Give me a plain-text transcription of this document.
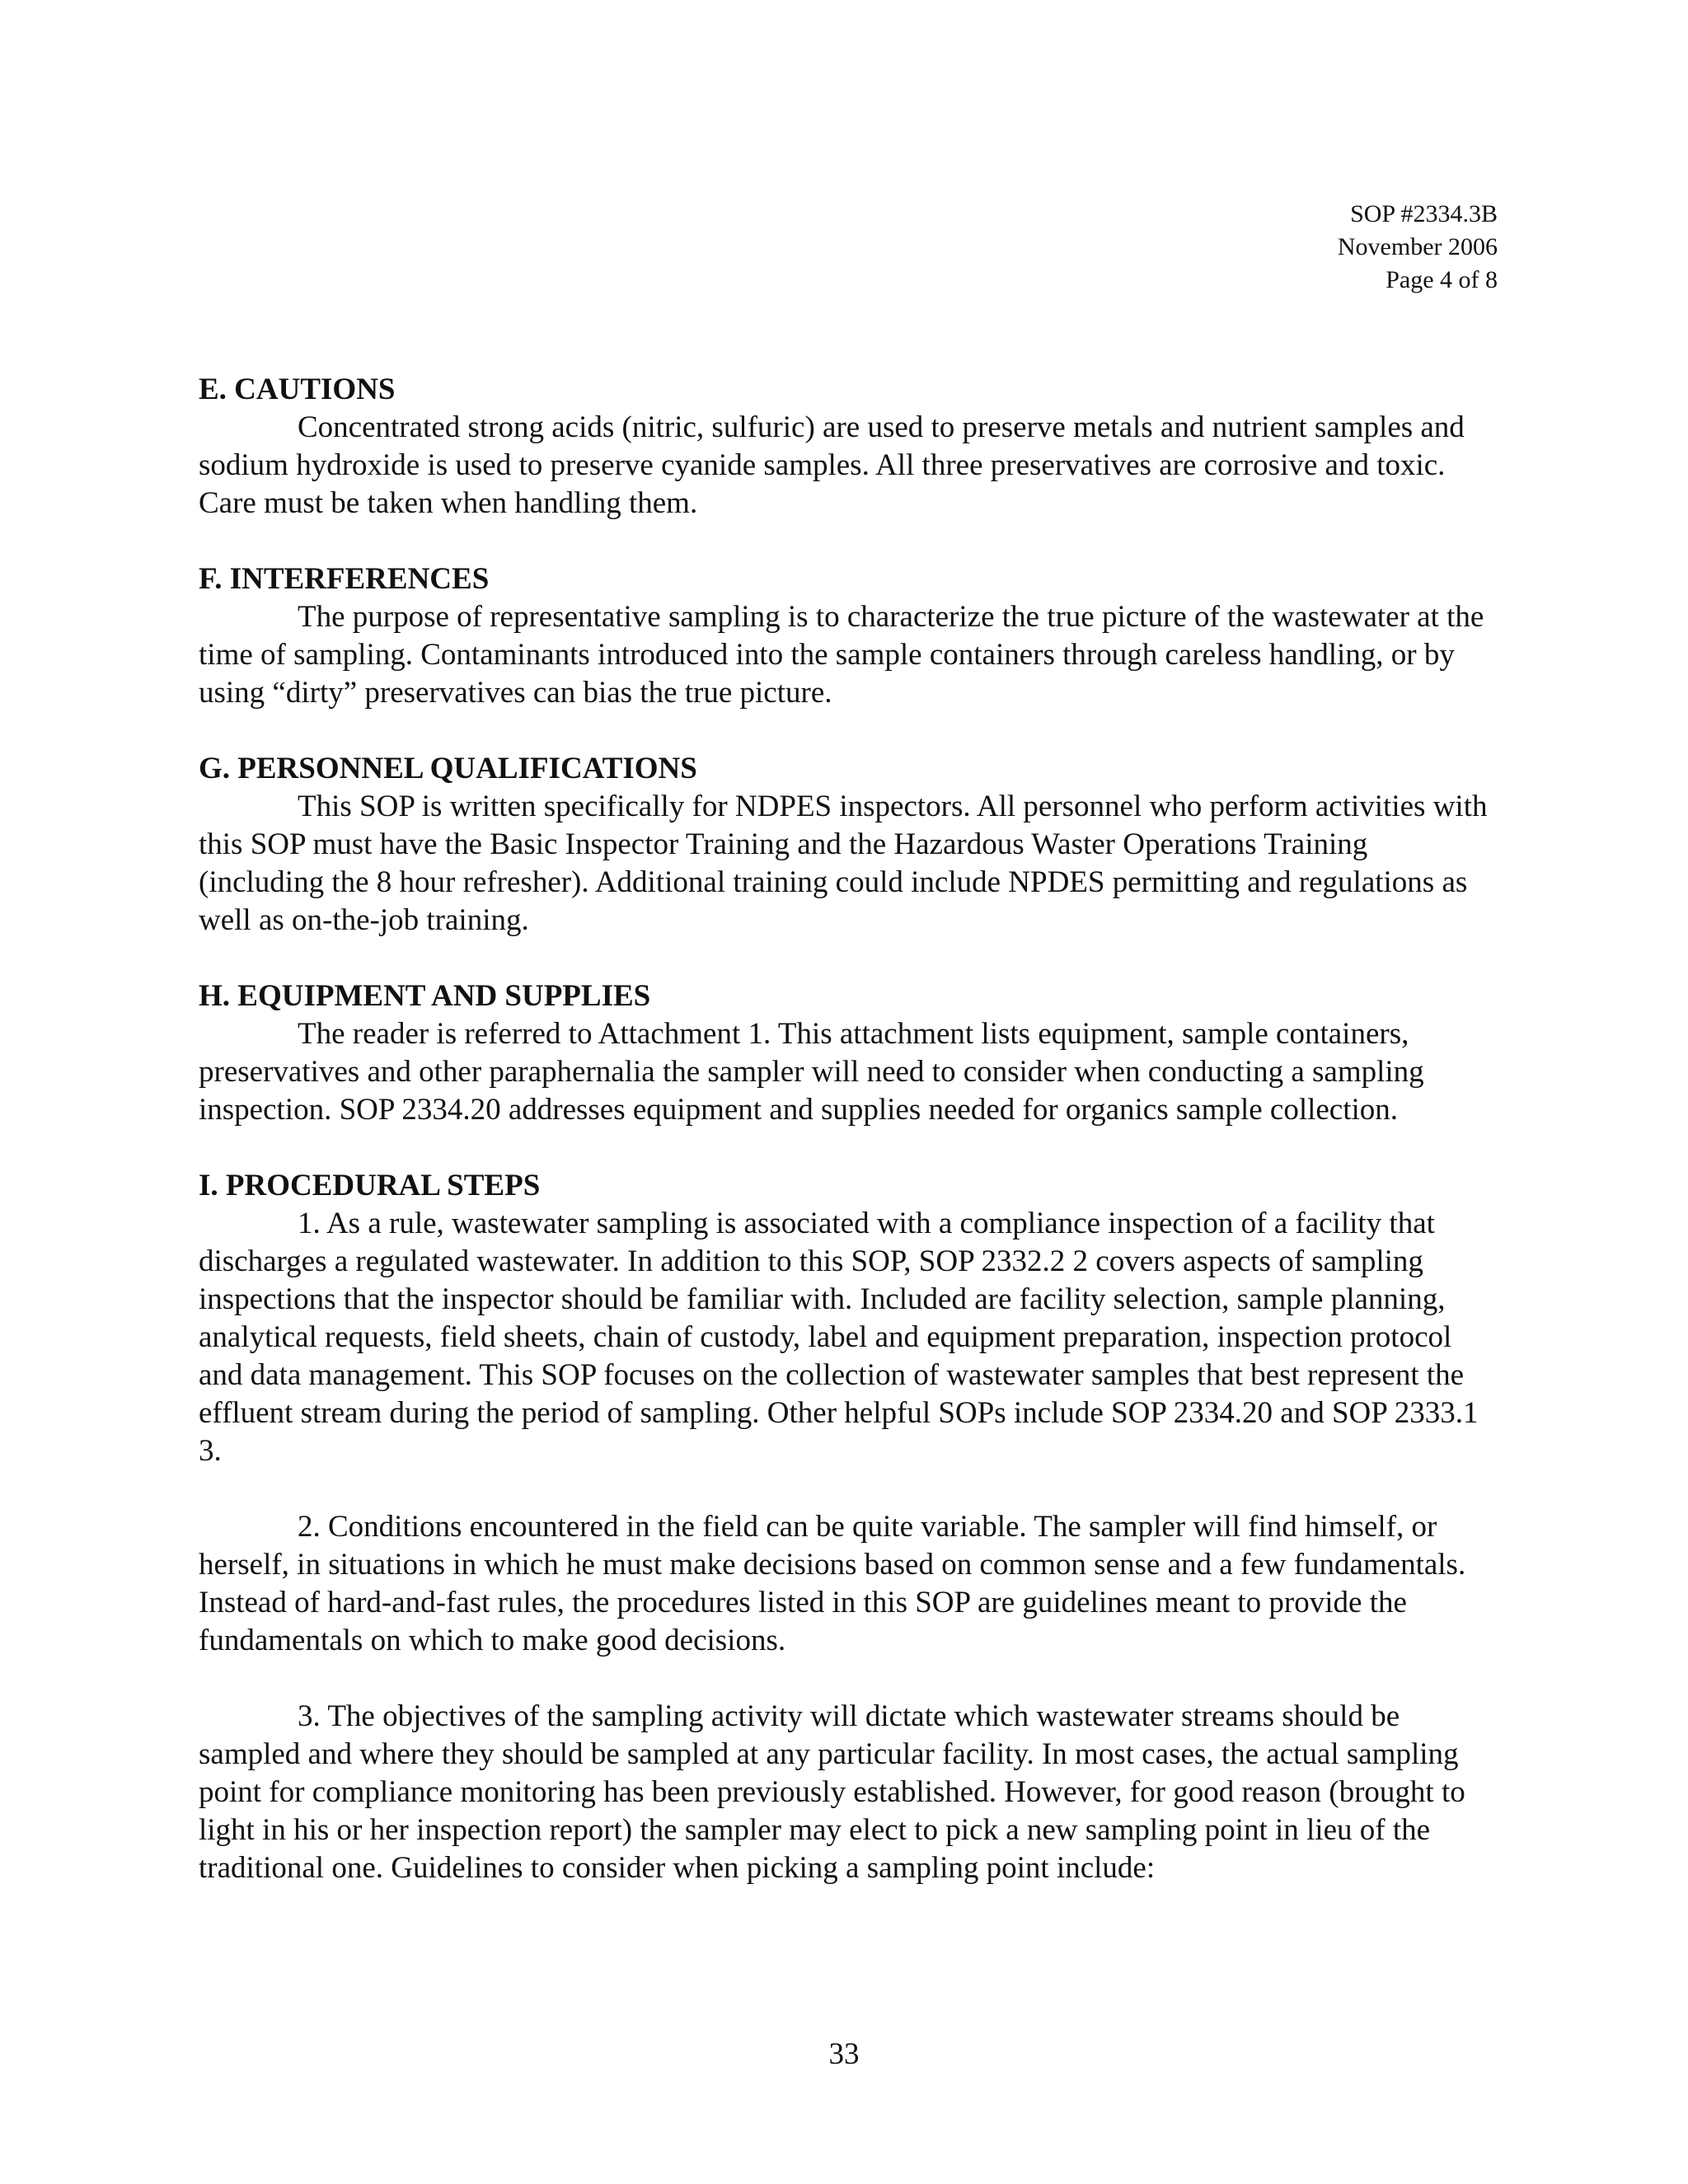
SOP #2334.3B
November 2006
Page 4 of 8
E. CAUTIONS

Concentrated strong acids (nitric, sulfuric) are used to preserve metals and nutrient samples and sodium hydroxide is used to preserve cyanide samples. All three preservatives are corrosive and toxic. Care must be taken when handling them.

F. INTERFERENCES

The purpose of representative sampling is to characterize the true picture of the wastewater at the time of sampling. Contaminants introduced into the sample containers through careless handling, or by using “dirty” preservatives can bias the true picture.

G. PERSONNEL QUALIFICATIONS

This SOP is written specifically for NDPES inspectors. All personnel who perform activities with this SOP must have the Basic Inspector Training and the Hazardous Waster Operations Training (including the 8 hour refresher). Additional training could include NPDES permitting and regulations as well as on-the-job training.

H. EQUIPMENT AND SUPPLIES

The reader is referred to Attachment 1. This attachment lists equipment, sample containers, preservatives and other paraphernalia the sampler will need to consider when conducting a sampling inspection. SOP 2334.20 addresses equipment and supplies needed for organics sample collection.

I. PROCEDURAL STEPS

1. As a rule, wastewater sampling is associated with a compliance inspection of a facility that discharges a regulated wastewater. In addition to this SOP, SOP 2332.2 2 covers aspects of sampling inspections that the inspector should be familiar with. Included are facility selection, sample planning, analytical requests, field sheets, chain of custody, label and equipment preparation, inspection protocol and data management. This SOP focuses on the collection of wastewater samples that best represent the effluent stream during the period of sampling. Other helpful SOPs include SOP 2334.20 and SOP 2333.1 3.

2. Conditions encountered in the field can be quite variable. The sampler will find himself, or herself, in situations in which he must make decisions based on common sense and a few fundamentals. Instead of hard-and-fast rules, the procedures listed in this SOP are guidelines meant to provide the fundamentals on which to make good decisions.

3. The objectives of the sampling activity will dictate which wastewater streams should be sampled and where they should be sampled at any particular facility. In most cases, the actual sampling point for compliance monitoring has been previously established. However, for good reason (brought to light in his or her inspection report) the sampler may elect to pick a new sampling point in lieu of the traditional one. Guidelines to consider when picking a sampling point include:

33
